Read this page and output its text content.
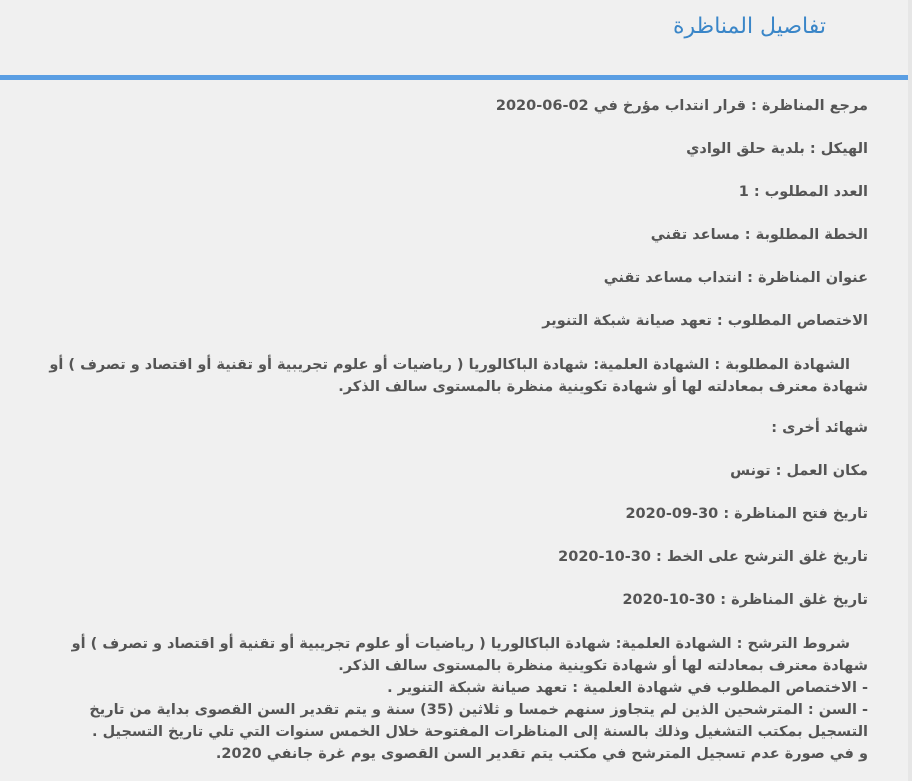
تفاصيل المناظرة

مرجع المناظرة : قرار انتداب مؤرخ في 02-06-2020

الهيكل : بلدية حلق الوادي

العدد المطلوب : 1

الخطة المطلوبة : مساعد تقني

عنوان المناظرة : انتداب مساعد تقني

الاختصاص المطلوب : تعهد صيانة شبكة التنوير

الشهادة المطلوبة : الشهادة العلمية: شهادة الباكالوريا ( رياضيات أو علوم تجريبية أو تقنية أو اقتصاد و تصرف ) أو شهادة معترف بمعادلته لها أو شهادة تكوينية منظرة بالمستوى سالف الذكر.

شهائد أخرى :

مكان العمل : تونس

تاريخ فتح المناظرة : 30-09-2020

تاريخ غلق الترشح على الخط : 30-10-2020

تاريخ غلق المناظرة : 30-10-2020

شروط الترشح : الشهادة العلمية: شهادة الباكالوريا ( رياضيات أو علوم تجريبية أو تقنية أو اقتصاد و تصرف ) أو شهادة معترف بمعادلته لها أو شهادة تكوينية منظرة بالمستوى سالف الذكر.

- الاختصاص المطلوب في شهادة العلمية : تعهد صيانة شبكة التنوير .

- السن : المترشحين الذين لم يتجاوز سنهم خمسا و ثلاثين (35) سنة و يتم تقدير السن القصوى بداية من تاريخ التسجيل بمكتب التشغيل وذلك بالسنة إلى المناظرات المفتوحة خلال الخمس سنوات التي تلي تاريخ التسجيل .

و في صورة عدم تسجيل المترشح في مكتب يتم تقدير السن القصوى يوم غرة جانفي 2020.
